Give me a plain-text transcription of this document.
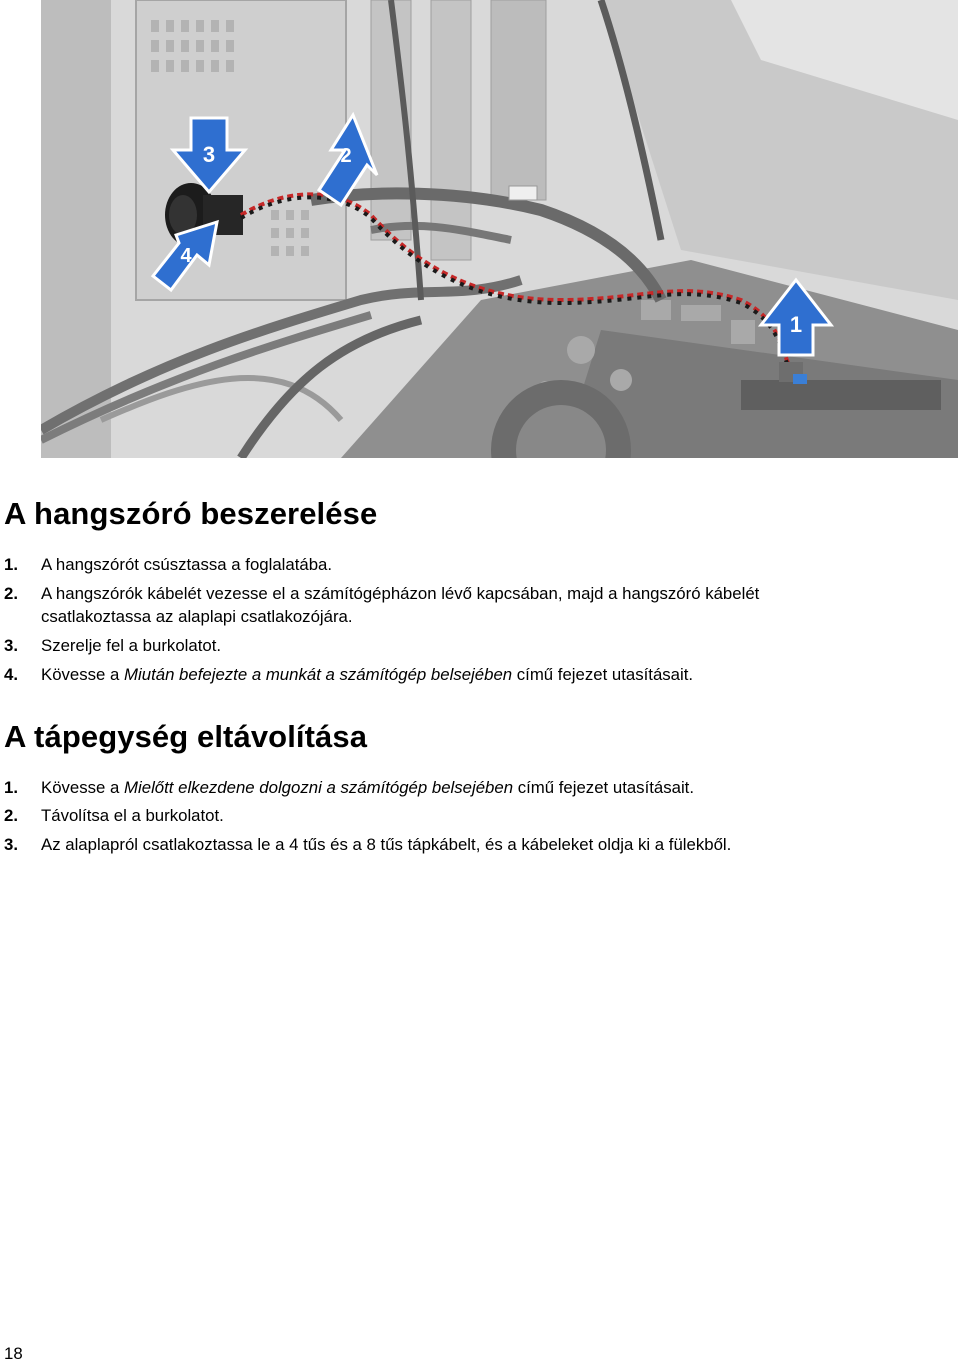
1
2
3
4
A hangszóró beszerelése
1. A hangszórót csúsztassa a foglalatába.
2. A hangszórók kábelét vezesse el a számítógépházon lévő kapcsában, majd a hangszóró kábelét
csatlakoztassa az alaplapi csatlakozójára.
3. Szerelje fel a burkolatot.
4. Kövesse a Miután befejezte a munkát a számítógép belsejében című fejezet utasításait.
A tápegység eltávolítása
1. Kövesse a Mielőtt elkezdene dolgozni a számítógép belsejében című fejezet utasításait.
2. Távolítsa el a burkolatot.
3. Az alaplapról csatlakoztassa le a 4 tűs és a 8 tűs tápkábelt, és a kábeleket oldja ki a fülekből.
18
